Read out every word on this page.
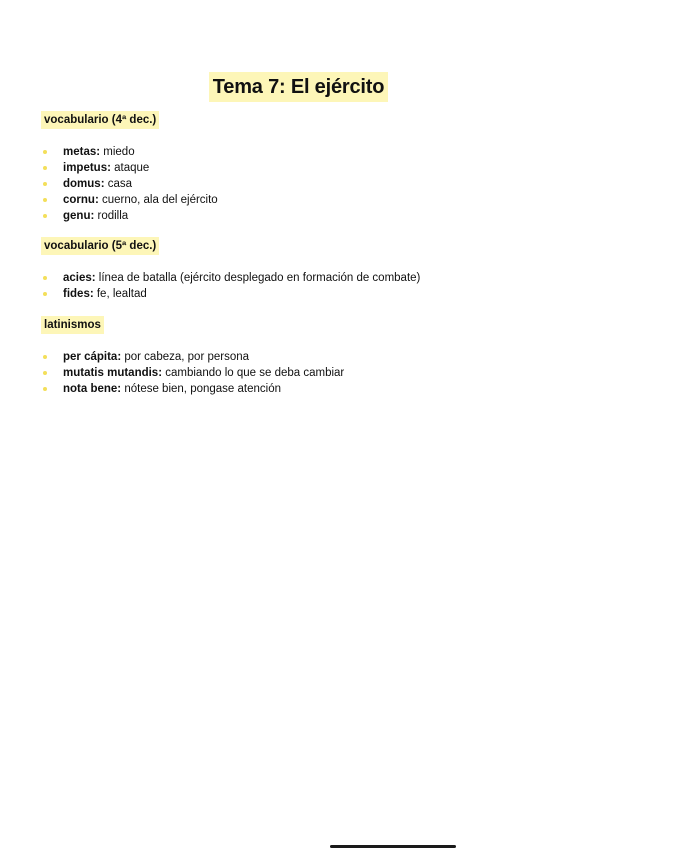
Tema 7: El ejército
vocabulario (4ª dec.)
metas: miedo
impetus: ataque
domus: casa
cornu: cuerno, ala del ejército
genu: rodilla
vocabulario (5ª dec.)
acies: línea de batalla (ejército desplegado en formación de combate)
fides: fe, lealtad
latinismos
per cápita: por cabeza, por persona
mutatis mutandis: cambiando lo que se deba cambiar
nota bene: nótese bien, pongase atención
